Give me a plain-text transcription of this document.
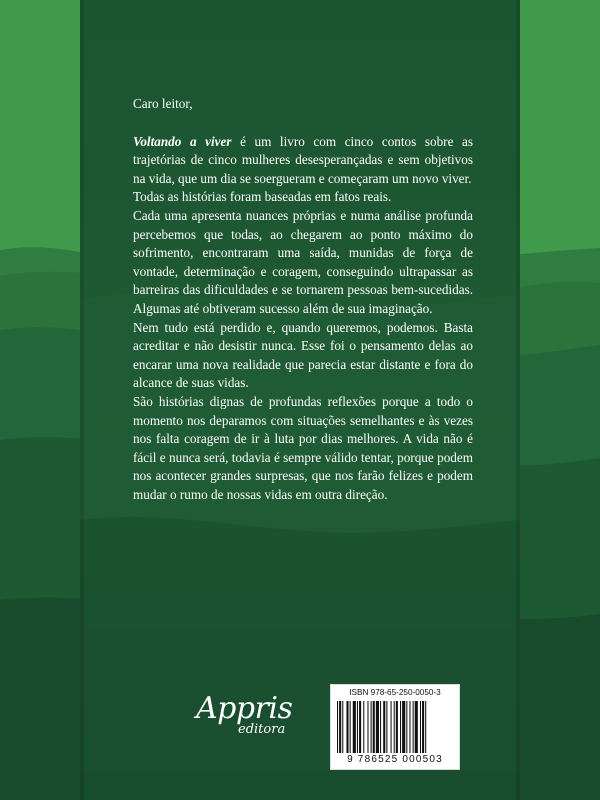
Caro leitor,

Voltando a viver é um livro com cinco contos sobre as trajetórias de cinco mulheres desesperançadas e sem objetivos na vida, que um dia se soergueram e começaram um novo viver.

Todas as histórias foram baseadas em fatos reais.

Cada uma apresenta nuances próprias e numa análise profunda percebemos que todas, ao chegarem ao ponto máximo do sofrimento, encontraram uma saída, munidas de força de vontade, determinação e coragem, conseguindo ultrapassar as barreiras das dificuldades e se tornarem pessoas bem-sucedidas. Algumas até obtiveram sucesso além de sua imaginação.

Nem tudo está perdido e, quando queremos, podemos. Basta acreditar e não desistir nunca. Esse foi o pensamento delas ao encarar uma nova realidade que parecia estar distante e fora do alcance de suas vidas.

São histórias dignas de profundas reflexões porque a todo o momento nos deparamos com situações semelhantes e às vezes nos falta coragem de ir à luta por dias melhores. A vida não é fácil e nunca será, todavia é sempre válido tentar, porque podem nos acontecer grandes surpresas, que nos farão felizes e podem mudar o rumo de nossas vidas em outra direção.

Appris
editora
ISBN 978-65-250-0050-3
9 786525 000503
